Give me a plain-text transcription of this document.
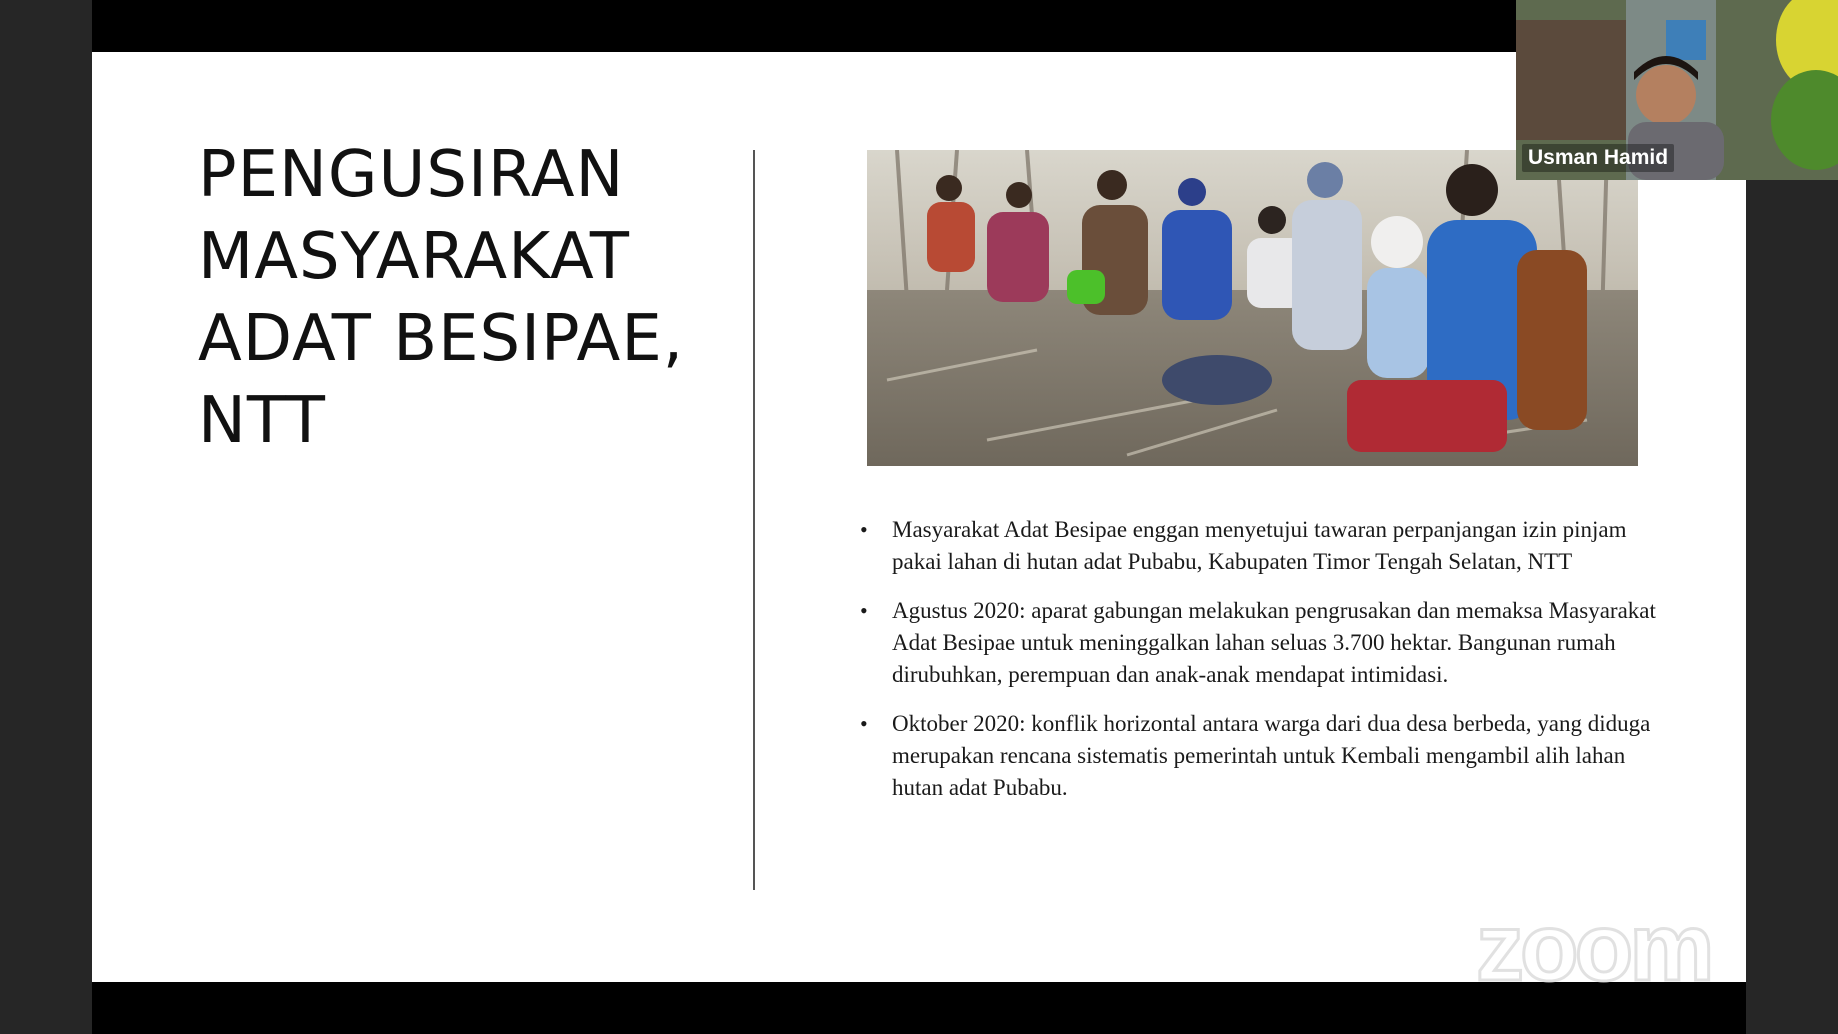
PENGUSIRAN MASYARAKAT ADAT BESIPAE, NTT
• Masyarakat Adat Besipae enggan menyetujui tawaran perpanjangan izin pinjam pakai lahan di hutan adat Pubabu, Kabupaten Timor Tengah Selatan, NTT
• Agustus 2020: aparat gabungan melakukan pengrusakan dan memaksa Masyarakat Adat Besipae untuk meninggalkan lahan seluas 3.700 hektar. Bangunan rumah dirubuhkan, perempuan dan anak-anak mendapat intimidasi.
• Oktober 2020: konflik horizontal antara warga dari dua desa berbeda, yang diduga merupakan rencana sistematis pemerintah untuk Kembali mengambil alih lahan hutan adat Pubabu.
zoom
Usman Hamid
